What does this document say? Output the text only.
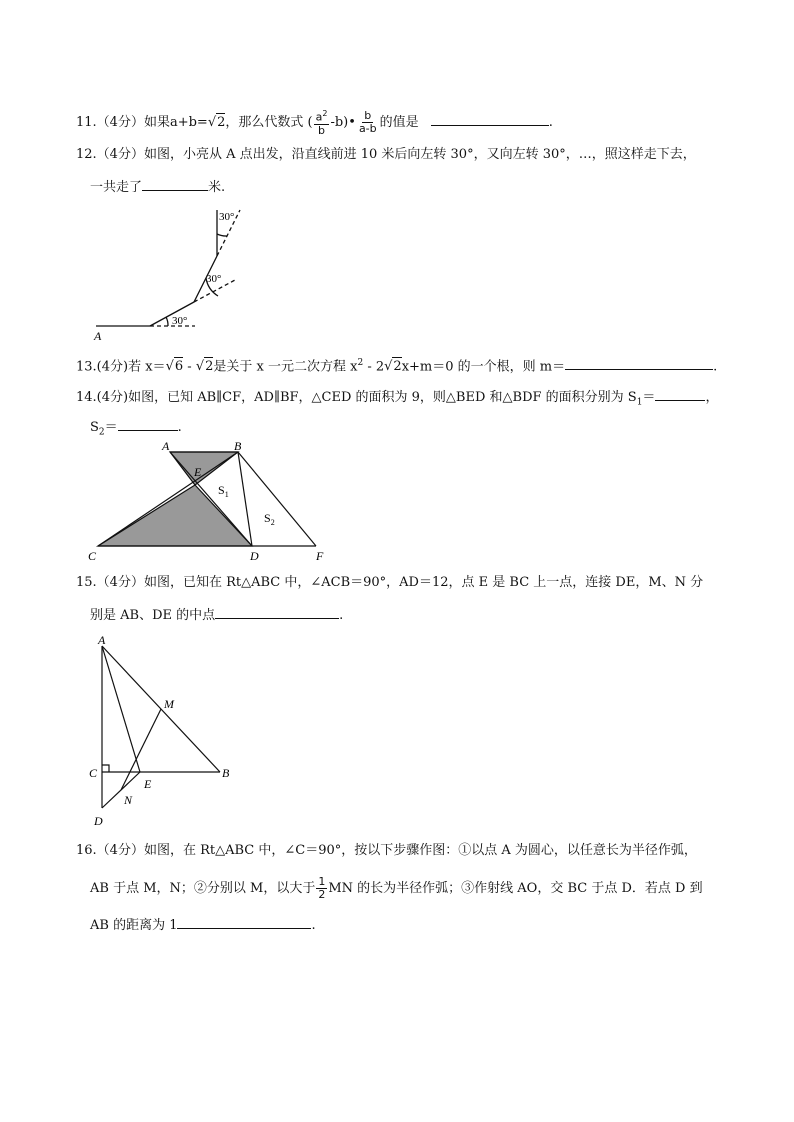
11.（4分）如果a+b=√2，那么代数式 ( $\frac{a^2}{b}$ -b)• $\frac{b}{a-b}$ 的值是	.
12.（4分）如图，小亮从 A 点出发，沿直线前进 10 米后向左转 30°，又向左转 30°，…，照这样走下去，
一共走了	米.
A
30°
30°
30°
13.(4分)若 x＝√6 - √2是关于 x 一元二次方程 $x^2 - 2√2x+m=0$ 的一个根，则 m＝	.
14.(4分)如图，已知 AB∥CF，AD∥BF，△CED 的面积为 9，则△BED 和△BDF 的面积分别为 $S_1=$	，
$S_2=$	.
A	B
E
C	D	F
$S_1$
$S_2$
15.（4分）如图，已知在 Rt△ABC 中，∠ACB＝90°，AD＝12，点 E 是 BC 上一点，连接 DE，M、N 分
别是 AB、DE 的中点	.
A
M
C	B
E
N
D
16.（4分）如图，在 Rt△ABC 中，∠C＝90°，按以下步骤作图：①以点 A 为圆心，以任意长为半径作弧，
AB 于点 M，N；②分别以 M，以大于 $\frac{1}{2}$ MN 的长为半径作弧；③作射线 AO，交 BC 于点 D．若点 D 到
AB 的距离为 1	.
